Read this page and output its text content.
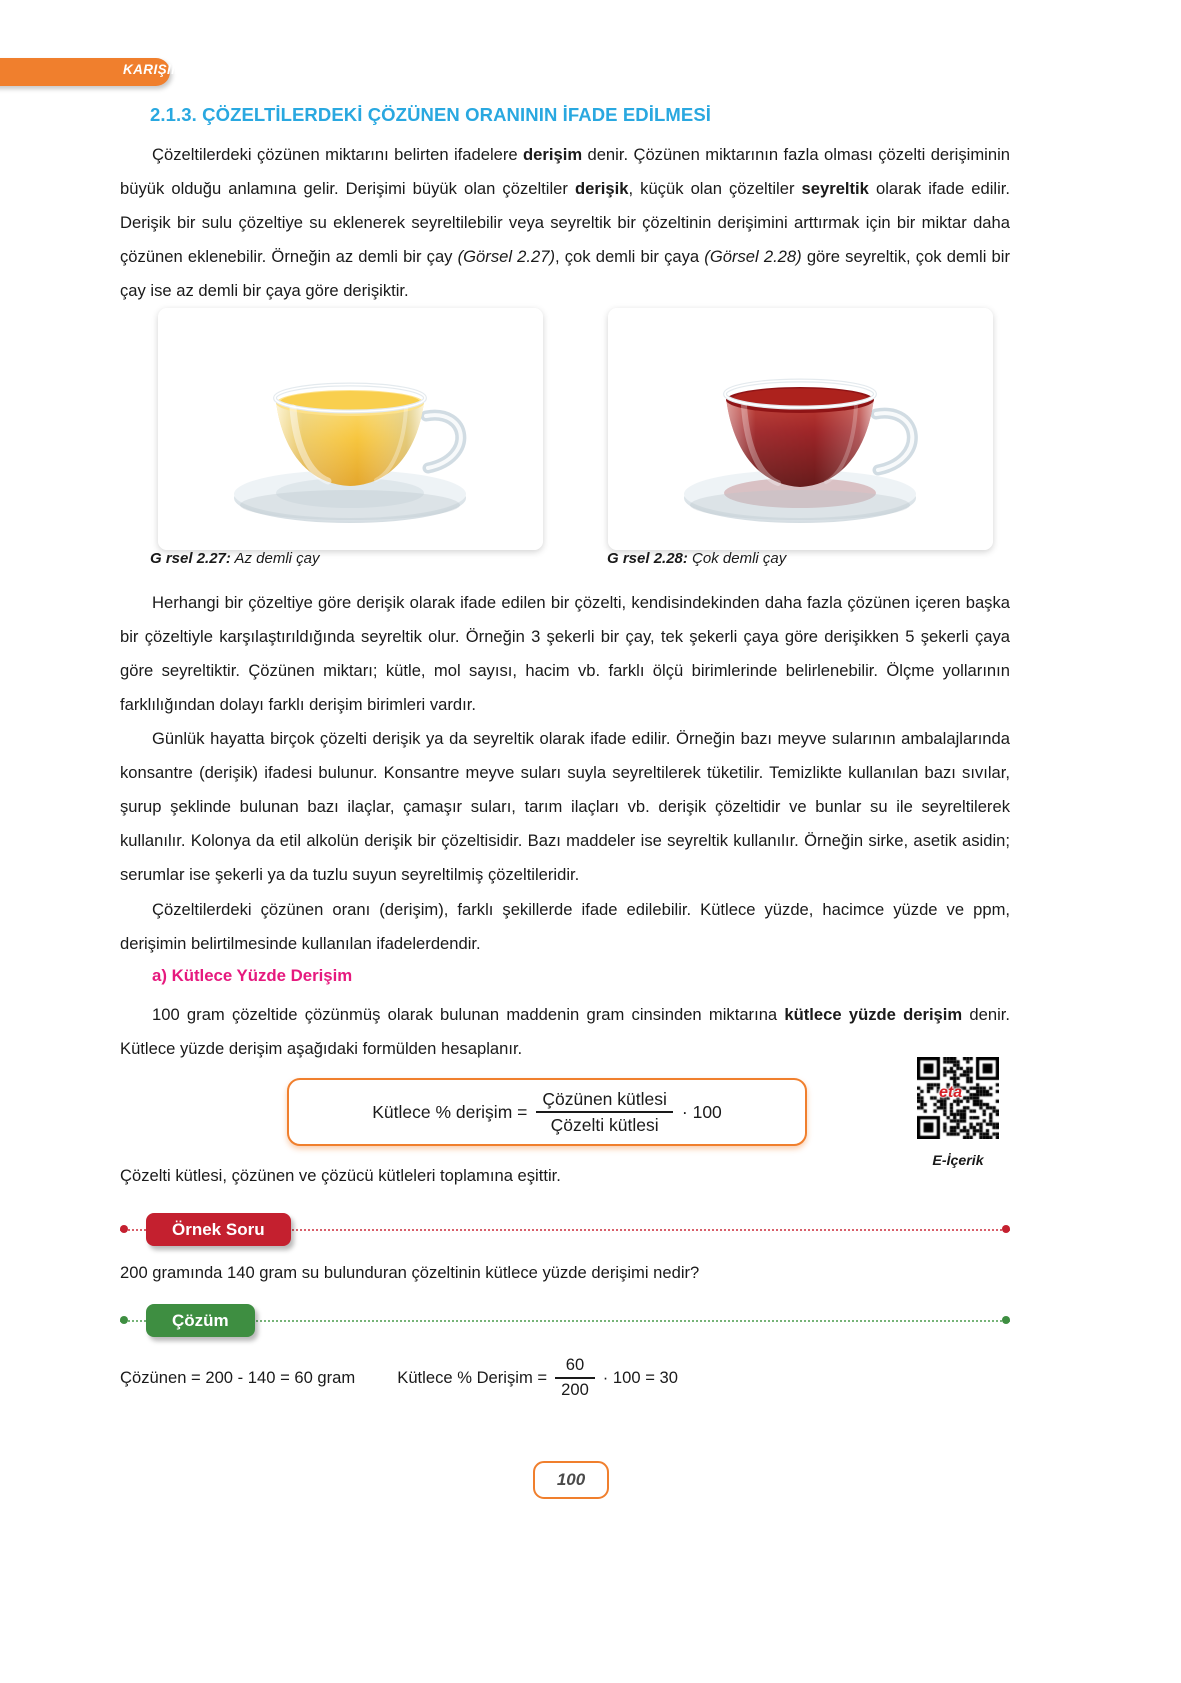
KARIŞIMLAR
2.1.3. ÇÖZELTİLERDEKİ ÇÖZÜNEN ORANININ İFADE EDİLMESİ

Çözeltilerdeki çözünen miktarını belirten ifadelere derişim denir. Çözünen miktarının fazla olması çözelti derişiminin büyük olduğu anlamına gelir. Derişimi büyük olan çözeltiler derişik, küçük olan çözeltiler seyreltik olarak ifade edilir. Derişik bir sulu çözeltiye su eklenerek seyreltilebilir veya seyreltik bir çözeltinin derişimini arttırmak için bir miktar daha çözünen eklenebilir. Örneğin az demli bir çay (Görsel 2.27), çok demli bir çaya (Görsel 2.28) göre seyreltik, çok demli bir çay ise az demli bir çaya göre derişiktir.

G rsel 2.27: Az demli çay	G rsel 2.28: Çok demli çay

Herhangi bir çözeltiye göre derişik olarak ifade edilen bir çözelti, kendisindekinden daha fazla çözünen içeren başka bir çözeltiyle karşılaştırıldığında seyreltik olur. Örneğin 3 şekerli bir çay, tek şekerli çaya göre derişikken 5 şekerli çaya göre seyreltiktir. Çözünen miktarı; kütle, mol sayısı, hacim vb. farklı ölçü birimlerinde belirlenebilir. Ölçme yollarının farklılığından dolayı farklı derişim birimleri vardır.

Günlük hayatta birçok çözelti derişik ya da seyreltik olarak ifade edilir. Örneğin bazı meyve sularının ambalajlarında konsantre (derişik) ifadesi bulunur. Konsantre meyve suları suyla seyreltilerek tüketilir. Temizlikte kullanılan bazı sıvılar, şurup şeklinde bulunan bazı ilaçlar, çamaşır suları, tarım ilaçları vb. derişik çözeltidir ve bunlar su ile seyreltilerek kullanılır. Kolonya da etil alkolün derişik bir çözeltisidir. Bazı maddeler ise seyreltik kullanılır. Örneğin sirke, asetik asidin; serumlar ise şekerli ya da tuzlu suyun seyreltilmiş çözeltileridir.

Çözeltilerdeki çözünen oranı (derişim), farklı şekillerde ifade edilebilir. Kütlece yüzde, hacimce yüzde ve ppm, derişimin belirtilmesinde kullanılan ifadelerdendir.

a) Kütlece Yüzde Derişim

100 gram çözeltide çözünmüş olarak bulunan maddenin gram cinsinden miktarına kütlece yüzde derişim denir. Kütlece yüzde derişim aşağıdaki formülden hesaplanır.

Kütlece % derişim = $\frac{\text{Çözünen kütlesi}}{\text{Çözelti kütlesi}} \cdot 100$
eta
E-İçerik

Çözelti kütlesi, çözünen ve çözücü kütleleri toplamına eşittir.

Örnek Soru

200 gramında 140 gram su bulunduran çözeltinin kütlece yüzde derişimi nedir?

Çözüm
Çözünen = 200 - 140 = 60 gram	Kütlece % Derişim = $\frac{60}{200} \cdot 100 = 30$
100
